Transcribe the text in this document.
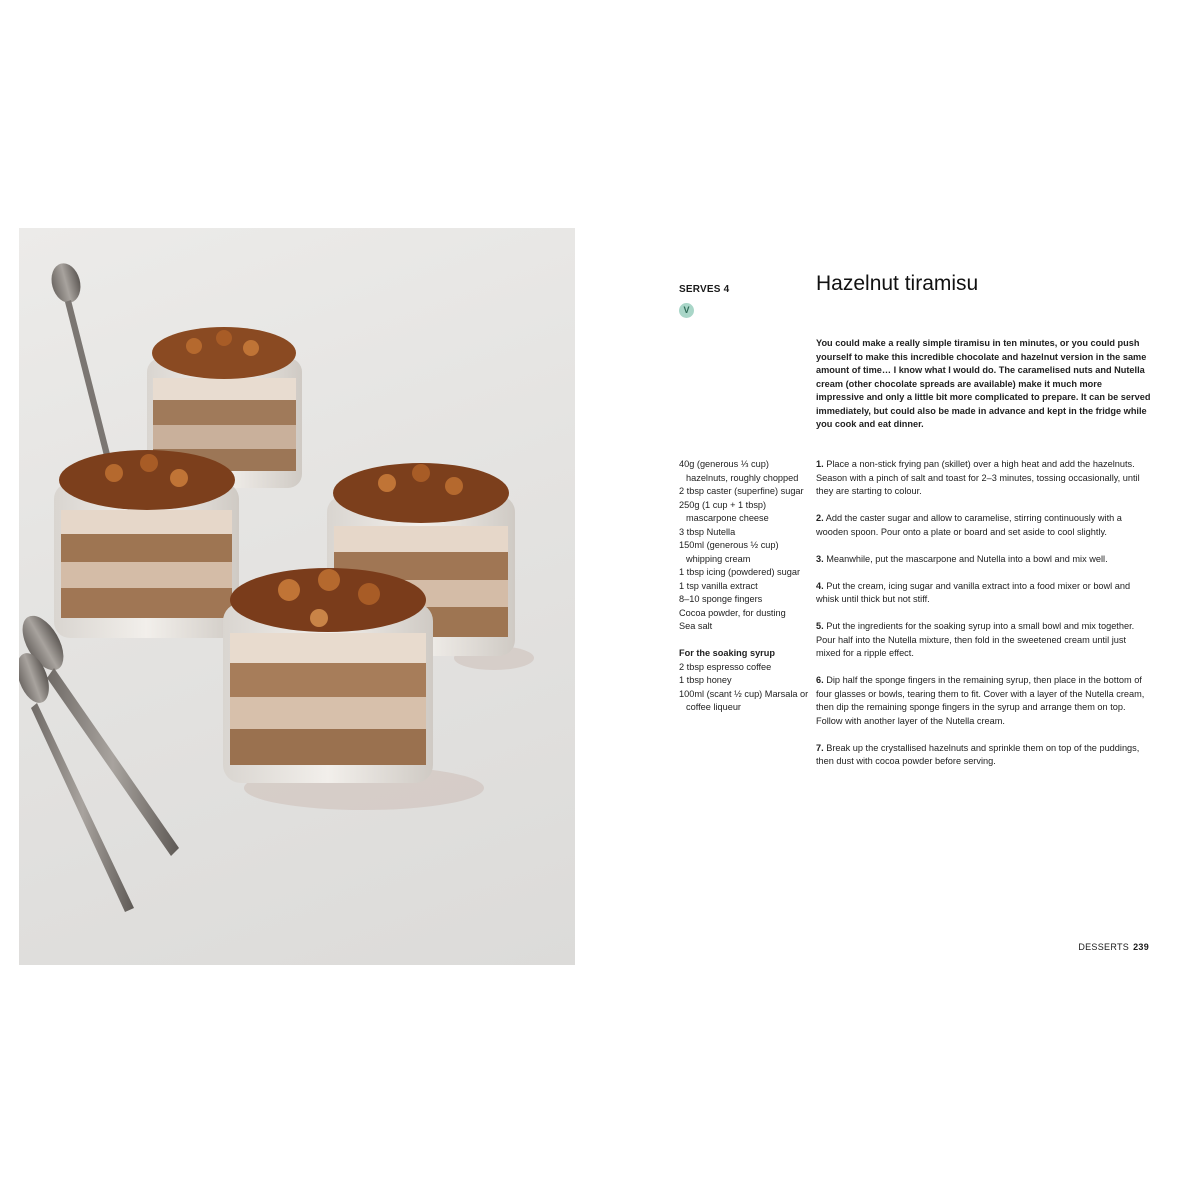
SERVES 4
V
Hazelnut tiramisu

You could make a really simple tiramisu in ten minutes, or you could push yourself to make this incredible chocolate and hazelnut version in the same amount of time… I know what I would do. The caramelised nuts and Nutella cream (other chocolate spreads are available) make it much more impressive and only a little bit more complicated to prepare. It can be served immediately, but could also be made in advance and kept in the fridge while you cook and eat dinner.

40g (generous ⅓ cup) hazelnuts, roughly chopped
2 tbsp caster (superfine) sugar
250g (1 cup + 1 tbsp) mascarpone cheese
3 tbsp Nutella
150ml (generous ½ cup) whipping cream
1 tbsp icing (powdered) sugar
1 tsp vanilla extract
8–10 sponge fingers
Cocoa powder, for dusting
Sea salt
For the soaking syrup
2 tbsp espresso coffee
1 tbsp honey
100ml (scant ½ cup) Marsala or coffee liqueur
1. Place a non-stick frying pan (skillet) over a high heat and add the hazelnuts. Season with a pinch of salt and toast for 2–3 minutes, tossing occasionally, until they are starting to colour.
2. Add the caster sugar and allow to caramelise, stirring continuously with a wooden spoon. Pour onto a plate or board and set aside to cool slightly.
3. Meanwhile, put the mascarpone and Nutella into a bowl and mix well.
4. Put the cream, icing sugar and vanilla extract into a food mixer or bowl and whisk until thick but not stiff.
5. Put the ingredients for the soaking syrup into a small bowl and mix together. Pour half into the Nutella mixture, then fold in the sweetened cream until just mixed for a ripple effect.
6. Dip half the sponge fingers in the remaining syrup, then place in the bottom of four glasses or bowls, tearing them to fit. Cover with a layer of the Nutella cream, then dip the remaining sponge fingers in the syrup and arrange them on top. Follow with another layer of the Nutella cream.
7. Break up the crystallised hazelnuts and sprinkle them on top of the puddings, then dust with cocoa powder before serving.
DESSERTS 239
